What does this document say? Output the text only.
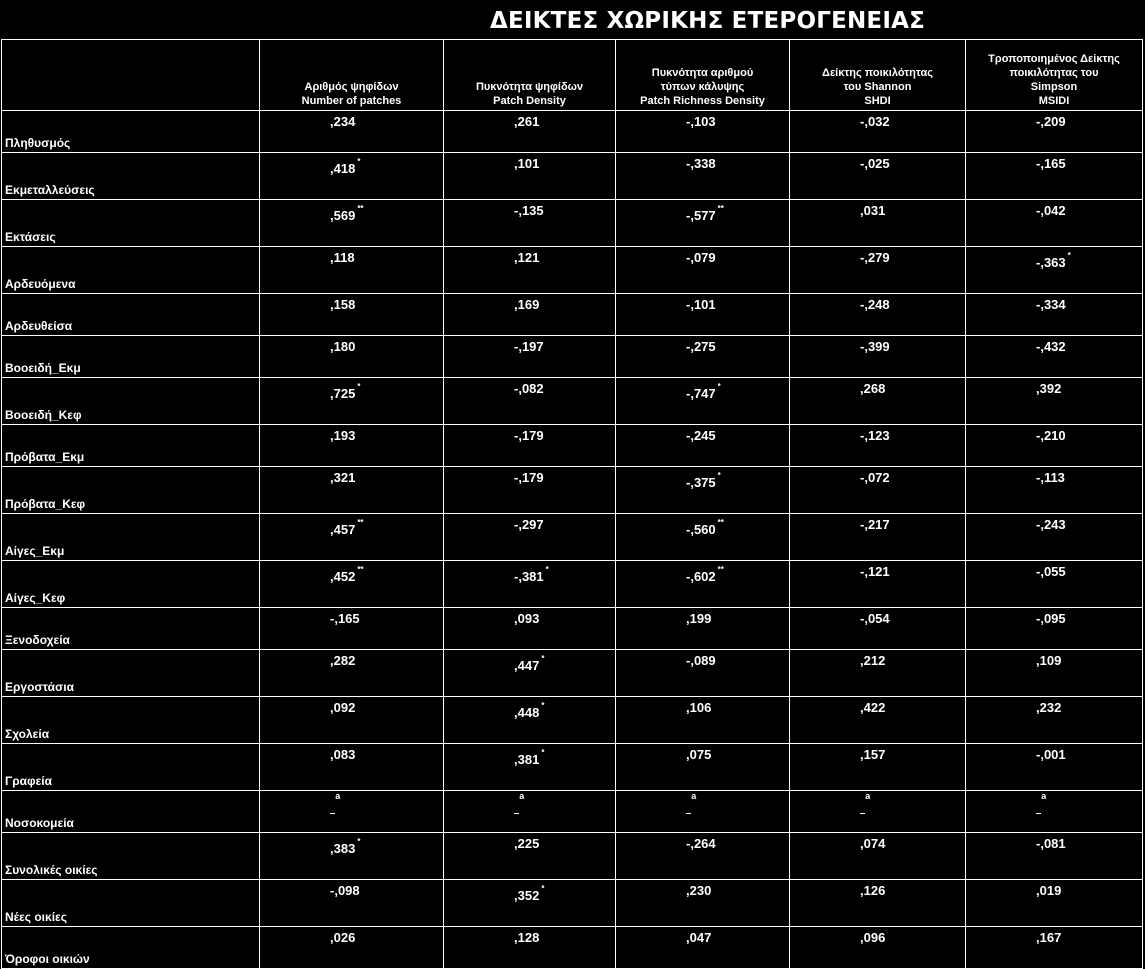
ΔΕΙΚΤΕΣ ΧΩΡΙΚΗΣ ΕΤΕΡΟΓΕΝΕΙΑΣ

	Αριθμός ψηφίδων
Number of patches	Πυκνότητα ψηφίδων
Patch Density	Πυκνότητα αριθμού
τύπων κάλυψης
Patch Richness Density	Δείκτης ποικιλότητας
του Shannon
SHDI	Τροποποιημένος Δείκτης
ποικιλότητας του
Simpson
MSIDI

Πληθυσμός	,234	,261	-,103	-,032	-,209
Εκμεταλλεύσεις	,418 *	,101	-,338	-,025	-,165
Εκτάσεις	,569 **	-,135	-,577 **	,031	-,042
Αρδευόμενα	,118	,121	-,079	-,279	-,363 *
Αρδευθείσα	,158	,169	-,101	-,248	-,334
Βοοειδή_Εκμ	,180	-,197	-,275	-,399	-,432
Βοοειδή_Κεφ	,725 *	-,082	-,747 *	,268	,392
Πρόβατα_Εκμ	,193	-,179	-,245	-,123	-,210
Πρόβατα_Κεφ	,321	-,179	-,375 *	-,072	-,113
Αίγες_Εκμ	,457 **	-,297	-,560 **	-,217	-,243
Αίγες_Κεφ	,452 **	-,381 *	-,602 **	-,121	-,055
Ξενοδοχεία	-,165	,093	,199	-,054	-,095
Εργοστάσια	,282	,447 *	-,089	,212	,109
Σχολεία	,092	,448 *	,106	,422	,232
Γραφεία	,083	,381 *	,075	,157	-,001
Νοσοκομεία	.$^a$	.$^a$	.$^a$	.$^a$	.$^a$
Συνολικές οικίες	,383 *	,225	-,264	,074	-,081
Νέες οικίες	-,098	,352 *	,230	,126	,019
Όροφοι οικιών	,026	,128	,047	,096	,167
